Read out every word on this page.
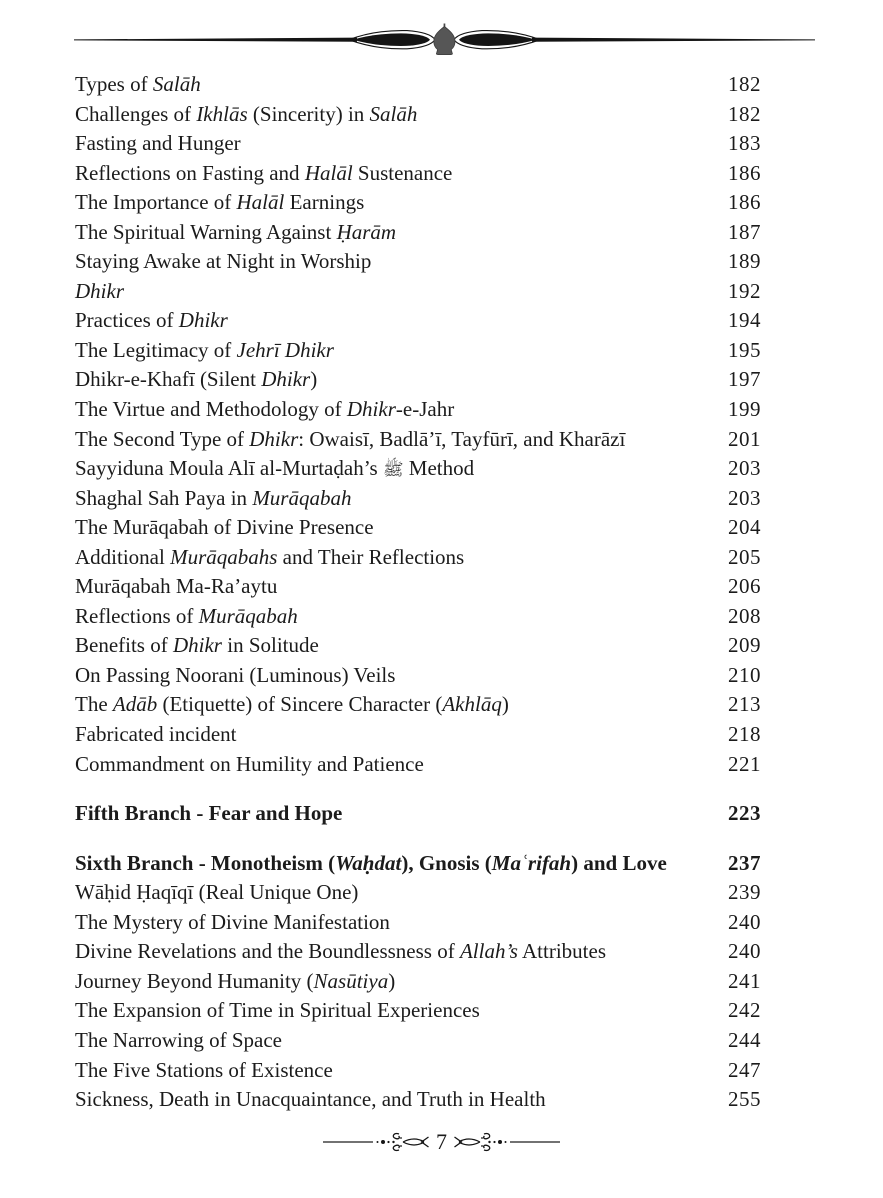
Types of Salāh	182
Challenges of Ikhlās (Sincerity) in Salāh	182
Fasting and Hunger	183
Reflections on Fasting and Halāl Sustenance	186
The Importance of Halāl Earnings	186
The Spiritual Warning Against Ḥarām	187
Staying Awake at Night in Worship	189
Dhikr	192
Practices of Dhikr	194
The Legitimacy of Jehrī Dhikr	195
Dhikr-e-Khafī (Silent Dhikr)	197
The Virtue and Methodology of Dhikr-e-Jahr	199
The Second Type of Dhikr: Owaisī, Badlā’ī, Tayfūrī, and Kharāzī	201
Sayyiduna Moula Alī al-Murtaḍah’s ﷺ Method	203
Shaghal Sah Paya in Murāqabah	203
The Murāqabah of Divine Presence	204
Additional Murāqabahs and Their Reflections	205
Murāqabah Ma-Ra’aytu	206
Reflections of Murāqabah	208
Benefits of Dhikr in Solitude	209
On Passing Noorani (Luminous) Veils	210
The Adāb (Etiquette) of Sincere Character (Akhlāq)	213
Fabricated incident	218
Commandment on Humility and Patience	221
Fifth Branch - Fear and Hope	223
Sixth Branch - Monotheism (Waḥdat), Gnosis (Maʿrifah) and Love	237
Wāḥid Ḥaqīqī (Real Unique One)	239
The Mystery of Divine Manifestation	240
Divine Revelations and the Boundlessness of Allah’s Attributes	240
Journey Beyond Humanity (Nasūtiya)	241
The Expansion of Time in Spiritual Experiences	242
The Narrowing of Space	244
The Five Stations of Existence	247
Sickness, Death in Unacquaintance, and Truth in Health	255
7
